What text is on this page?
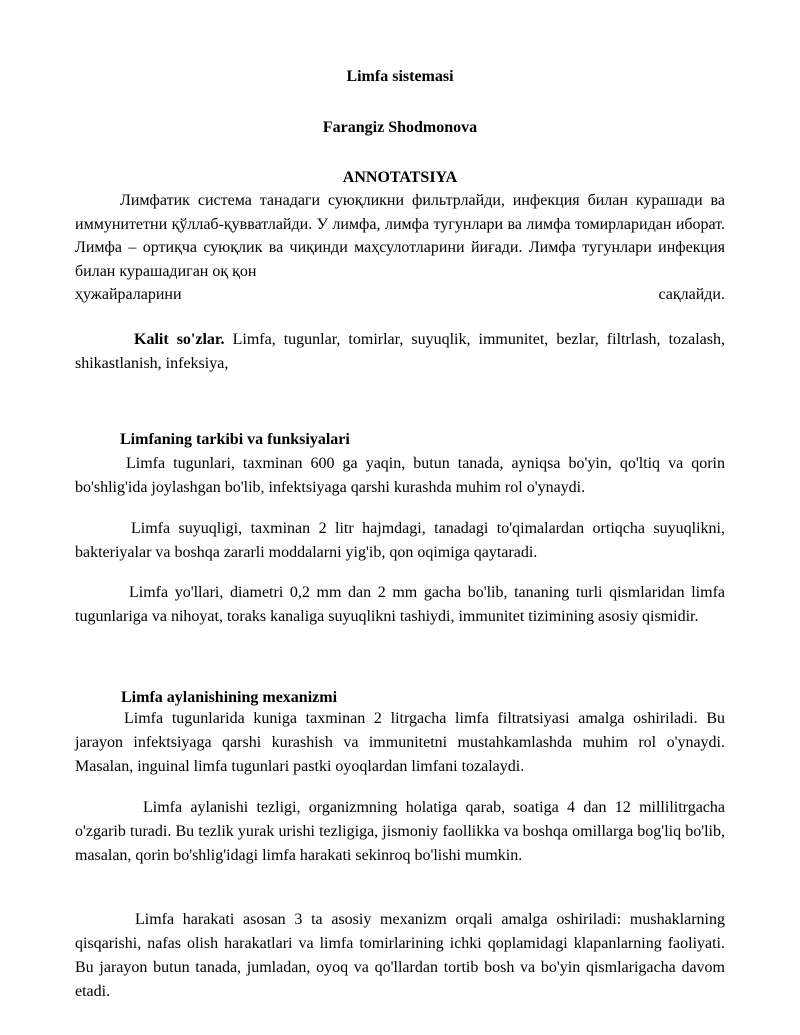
Limfa sistemasi
Farangiz Shodmonova
ANNOTATSIYA
Лимфатик система танадаги суюқликни фильтрлайди, инфекция билан курашади ва иммунитетни қўллаб-қувватлайди. У лимфа, лимфа тугунлари ва лимфа томирларидан иборат. Лимфа – ортиқча суюқлик ва чиқинди маҳсулотларини йиғади. Лимфа тугунлари инфекция билан курашадиган оқ қон
ҳужайраларини	сақлайди.
Kalit so'zlar. Limfa, tugunlar, tomirlar, suyuqlik, immunitet, bezlar, filtrlash, tozalash, shikastlanish, infeksiya,
Limfaning tarkibi va funksiyalari
Limfa tugunlari, taxminan 600 ga yaqin, butun tanada, ayniqsa bo'yin, qo'ltiq va qorin bo'shlig'ida joylashgan bo'lib, infektsiyaga qarshi kurashda muhim rol o'ynaydi.
Limfa suyuqligi, taxminan 2 litr hajmdagi, tanadagi to'qimalardan ortiqcha suyuqlikni, bakteriyalar va boshqa zararli moddalarni yig'ib, qon oqimiga qaytaradi.
Limfa yo'llari, diametri 0,2 mm dan 2 mm gacha bo'lib, tananing turli qismlaridan limfa tugunlariga va nihoyat, toraks kanaliga suyuqlikni tashiydi, immunitet tizimining asosiy qismidir.
Limfa aylanishining mexanizmi
Limfa tugunlarida kuniga taxminan 2 litrgacha limfa filtratsiyasi amalga oshiriladi. Bu jarayon infektsiyaga qarshi kurashish va immunitetni mustahkamlashda muhim rol o'ynaydi. Masalan, inguinal limfa tugunlari pastki oyoqlardan limfani tozalaydi.
Limfa aylanishi tezligi, organizmning holatiga qarab, soatiga 4 dan 12 millilitrgacha o'zgarib turadi. Bu tezlik yurak urishi tezligiga, jismoniy faollikka va boshqa omillarga bog'liq bo'lib, masalan, qorin bo'shlig'idagi limfa harakati sekinroq bo'lishi mumkin.
Limfa harakati asosan 3 ta asosiy mexanizm orqali amalga oshiriladi: mushaklarning qisqarishi, nafas olish harakatlari va limfa tomirlarining ichki qoplamidagi klapanlarning faoliyati. Bu jarayon butun tanada, jumladan, oyoq va qo'llardan tortib bosh va bo'yin qismlarigacha davom etadi.
